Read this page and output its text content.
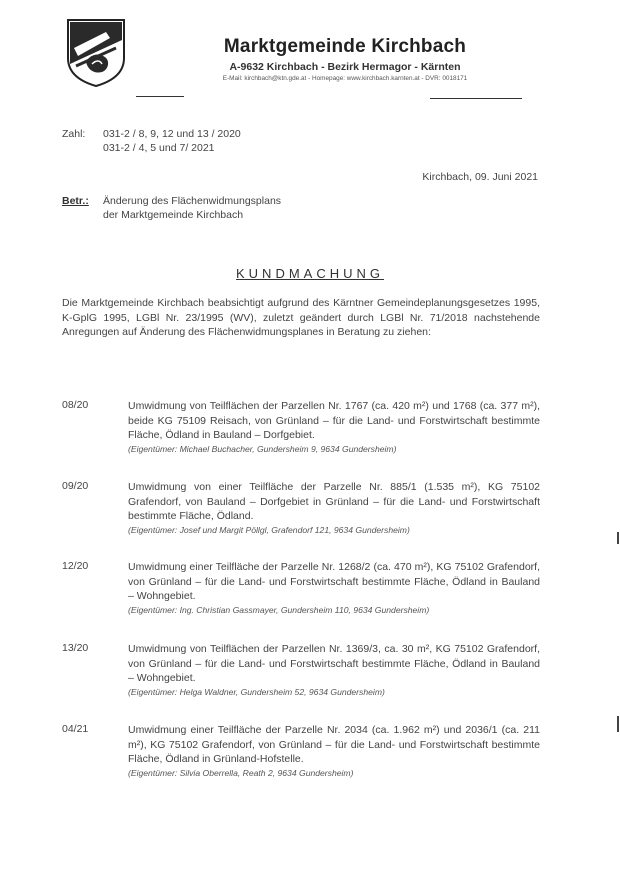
Marktgemeinde Kirchbach
A-9632 Kirchbach - Bezirk Hermagor - Kärnten
E-Mail: kirchbach@ktn.gde.at - Homepage: www.kirchbach.karnten.at - DVR: 0018171
Zahl: 031-2 / 8, 9, 12 und 13 / 2020
031-2 / 4, 5 und 7/ 2021
Kirchbach, 09. Juni 2021
Betr.: Änderung des Flächenwidmungsplans
der Marktgemeinde Kirchbach
KUNDMACHUNG
Die Marktgemeinde Kirchbach beabsichtigt aufgrund des Kärntner Gemeindeplanungsgesetzes 1995, K-GplG 1995, LGBl Nr. 23/1995 (WV), zuletzt geändert durch LGBl Nr. 71/2018 nachstehende Anregungen auf Änderung des Flächenwidmungsplanes in Beratung zu ziehen:
08/20	Umwidmung von Teilflächen der Parzellen Nr. 1767 (ca. 420 m²) und 1768 (ca. 377 m²), beide KG 75109 Reisach, von Grünland – für die Land- und Forstwirtschaft bestimmte Fläche, Ödland in Bauland – Dorfgebiet.
(Eigentümer: Michael Buchacher, Gundersheim 9, 9634 Gundersheim)
09/20	Umwidmung von einer Teilfläche der Parzelle Nr. 885/1 (1.535 m²), KG 75102 Grafendorf, von Bauland – Dorfgebiet in Grünland – für die Land- und Forstwirtschaft bestimmte Fläche, Ödland.
(Eigentümer: Josef und Margit Pöllgl, Grafendorf 121, 9634 Gundersheim)
12/20	Umwidmung einer Teilfläche der Parzelle Nr. 1268/2 (ca. 470 m²), KG 75102 Grafendorf, von Grünland – für die Land- und Forstwirtschaft bestimmte Fläche, Ödland in Bauland – Wohngebiet.
(Eigentümer: Ing. Christian Gassmayer, Gundersheim 110, 9634 Gundersheim)
13/20	Umwidmung von Teilflächen der Parzellen Nr. 1369/3, ca. 30 m², KG 75102 Grafendorf, von Grünland – für die Land- und Forstwirtschaft bestimmte Fläche, Ödland in Bauland – Wohngebiet.
(Eigentümer: Helga Waldner, Gundersheim 52, 9634 Gundersheim)
04/21	Umwidmung einer Teilfläche der Parzelle Nr. 2034 (ca. 1.962 m²) und 2036/1 (ca. 211 m²), KG 75102 Grafendorf, von Grünland – für die Land- und Forstwirtschaft bestimmte Fläche, Ödland in Grünland-Hofstelle.
(Eigentümer: Silvia Oberrella, Reath 2, 9634 Gundersheim)
